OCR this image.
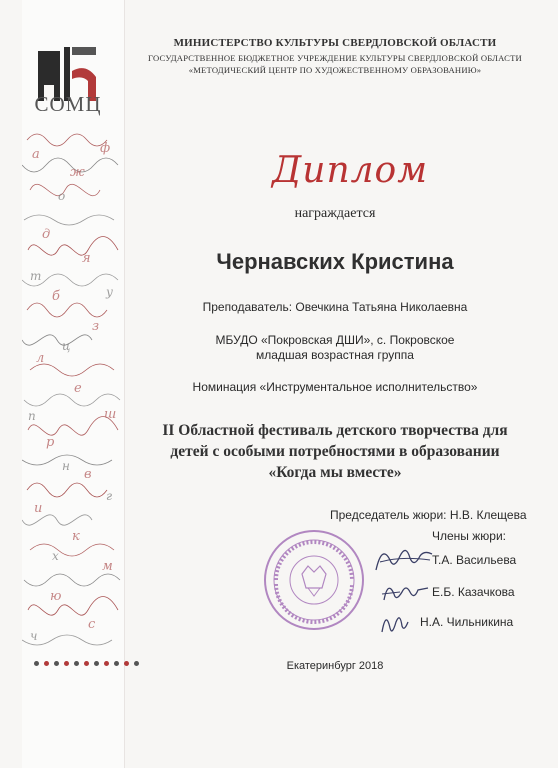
а
ж
ф
д
я
б
з
л
е
ш
р
в
и
к
м
ю
с
о
т
у
ц
п
н
г
х
ч
СОМЦ
МИНИСТЕРСТВО КУЛЬТУРЫ СВЕРДЛОВСКОЙ ОБЛАСТИ
ГОСУДАРСТВЕННОЕ БЮДЖЕТНОЕ УЧРЕЖДЕНИЕ КУЛЬТУРЫ СВЕРДЛОВСКОЙ ОБЛАСТИ
«МЕТОДИЧЕСКИЙ ЦЕНТР ПО ХУДОЖЕСТВЕННОМУ ОБРАЗОВАНИЮ»
Диплом
награждается
Чернавских Кристина
Преподаватель: Овечкина Татьяна Николаевна
МБУДО «Покровская ДШИ», с. Покровское
младшая возрастная группа
Номинация «Инструментальное исполнительство»
II Областной фестиваль детского творчества для
детей с особыми потребностями в образовании
«Когда мы вместе»
Председатель жюри: Н.В. Клещева
Члены жюри:
Т.А. Васильева
Е.Б. Казачкова
Н.А. Чильникина
Екатеринбург 2018
